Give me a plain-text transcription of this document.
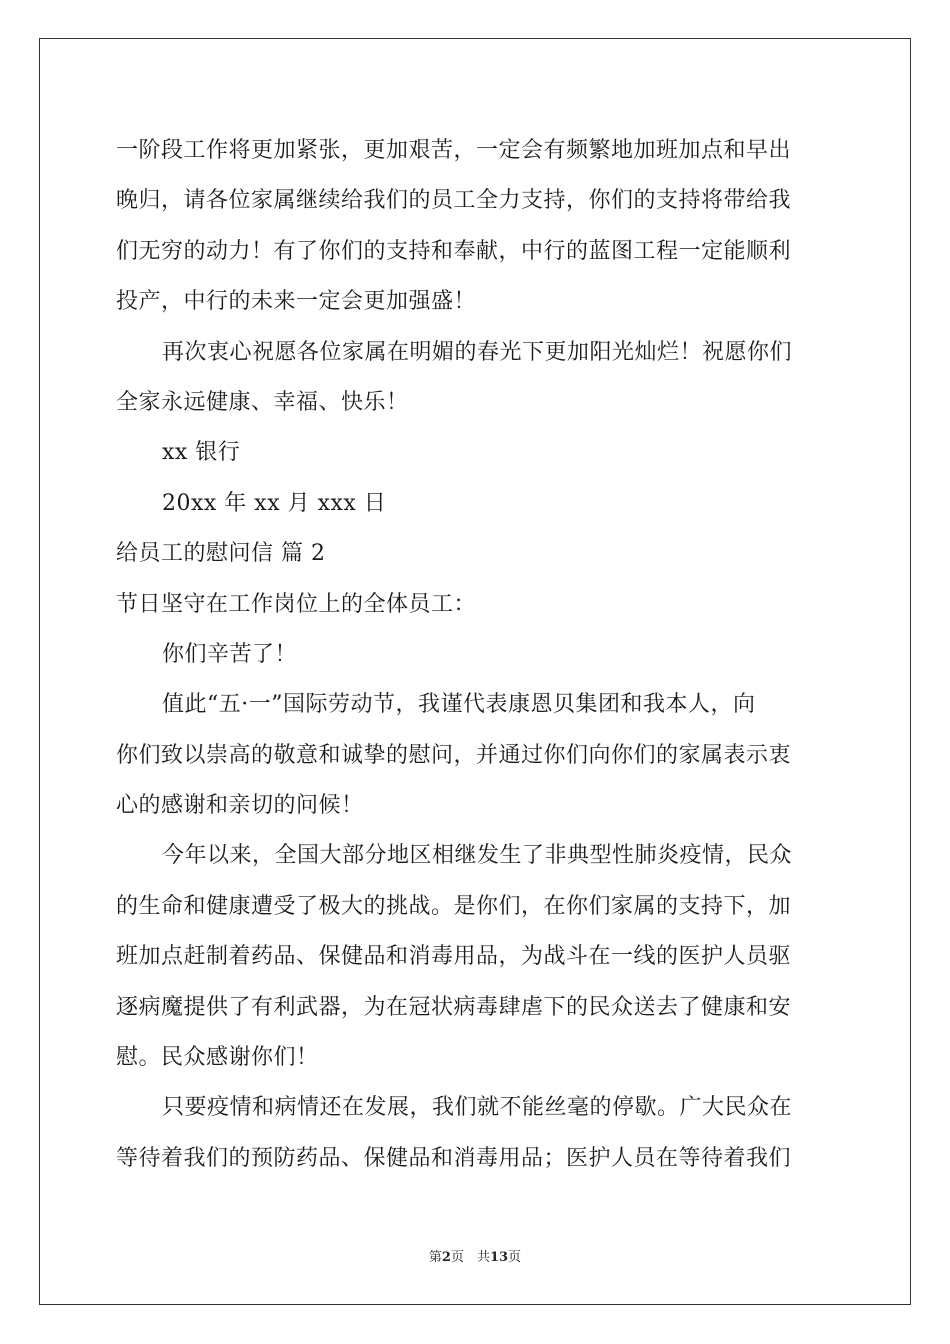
一阶段工作将更加紧张，更加艰苦，一定会有频繁地加班加点和早出
晚归，请各位家属继续给我们的员工全力支持，你们的支持将带给我
们无穷的动力！有了你们的支持和奉献，中行的蓝图工程一定能顺利
投产，中行的未来一定会更加强盛！
再次衷心祝愿各位家属在明媚的春光下更加阳光灿烂！祝愿你们
全家永远健康、幸福、快乐！
xx 银行
20xx 年 xx 月 xxx 日
给员工的慰问信 篇 2
节日坚守在工作岗位上的全体员工：
你们辛苦了！
值此“五·一”国际劳动节，我谨代表康恩贝集团和我本人，向
你们致以崇高的敬意和诚挚的慰问，并通过你们向你们的家属表示衷
心的感谢和亲切的问候！
今年以来，全国大部分地区相继发生了非典型性肺炎疫情，民众
的生命和健康遭受了极大的挑战。是你们，在你们家属的支持下，加
班加点赶制着药品、保健品和消毒用品，为战斗在一线的医护人员驱
逐病魔提供了有利武器，为在冠状病毒肆虐下的民众送去了健康和安
慰。民众感谢你们！
只要疫情和病情还在发展，我们就不能丝毫的停歇。广大民众在
等待着我们的预防药品、保健品和消毒用品；医护人员在等待着我们
第2页　共13页
